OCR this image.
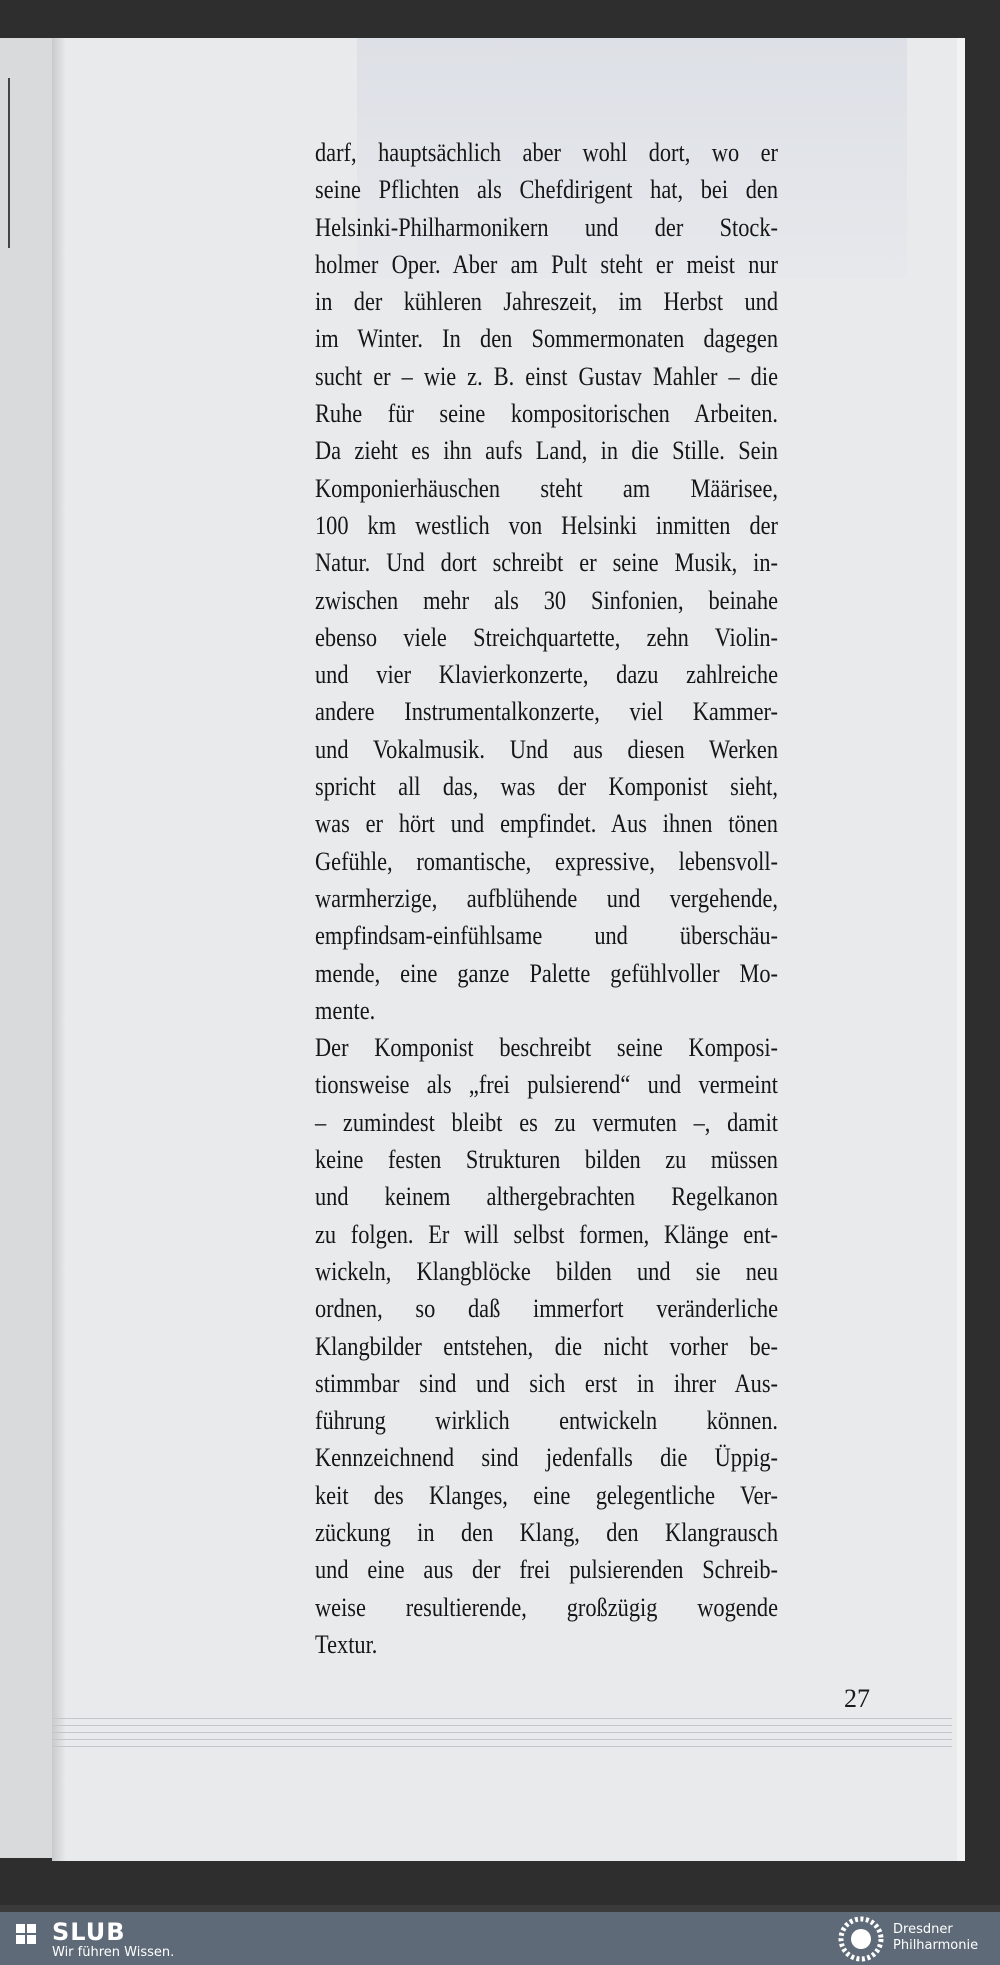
darf, hauptsächlich aber wohl dort, wo er
seine Pflichten als Chefdirigent hat, bei den
Helsinki-Philharmonikern und der Stock-
holmer Oper. Aber am Pult steht er meist nur
in der kühleren Jahreszeit, im Herbst und
im Winter. In den Sommermonaten dagegen
sucht er – wie z. B. einst Gustav Mahler – die
Ruhe für seine kompositorischen Arbeiten.
Da zieht es ihn aufs Land, in die Stille. Sein
Komponierhäuschen steht am Määrisee,
100 km westlich von Helsinki inmitten der
Natur. Und dort schreibt er seine Musik, in-
zwischen mehr als 30 Sinfonien, beinahe
ebenso viele Streichquartette, zehn Violin-
und vier Klavierkonzerte, dazu zahlreiche
andere Instrumentalkonzerte, viel Kammer-
und Vokalmusik. Und aus diesen Werken
spricht all das, was der Komponist sieht,
was er hört und empfindet. Aus ihnen tönen
Gefühle, romantische, expressive, lebensvoll-
warmherzige, aufblühende und vergehende,
empfindsam-einfühlsame und überschäu-
mende, eine ganze Palette gefühlvoller Mo-
mente.
Der Komponist beschreibt seine Komposi-
tionsweise als „frei pulsierend“ und vermeint
– zumindest bleibt es zu vermuten –, damit
keine festen Strukturen bilden zu müssen
und keinem althergebrachten Regelkanon
zu folgen. Er will selbst formen, Klänge ent-
wickeln, Klangblöcke bilden und sie neu
ordnen, so daß immerfort veränderliche
Klangbilder entstehen, die nicht vorher be-
stimmbar sind und sich erst in ihrer Aus-
führung wirklich entwickeln können.
Kennzeichnend sind jedenfalls die Üppig-
keit des Klanges, eine gelegentliche Ver-
zückung in den Klang, den Klangrausch
und eine aus der frei pulsierenden Schreib-
weise resultierende, großzügig wogende
Textur.
27
SLUB
Wir führen Wissen.
Dresdner
Philharmonie
